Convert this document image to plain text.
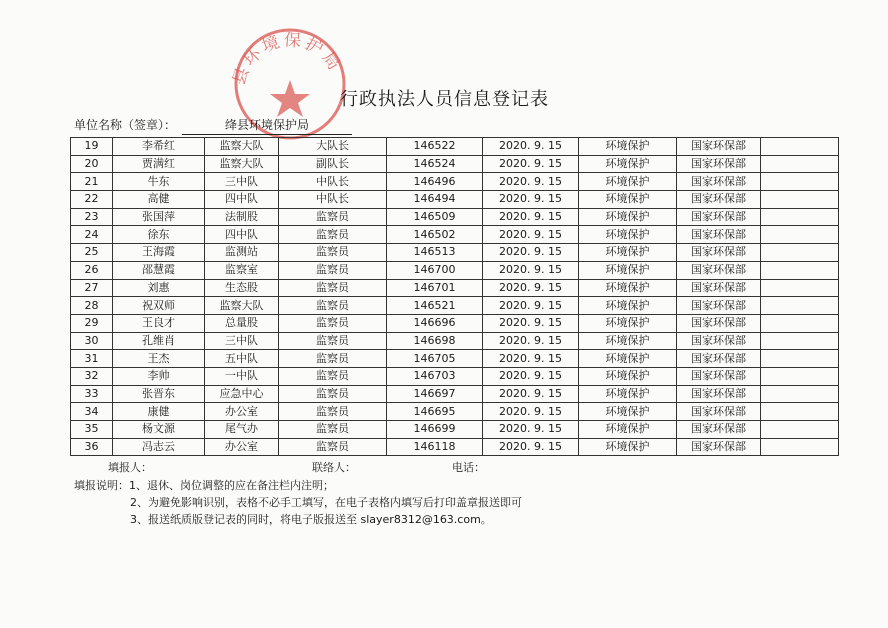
县环境保护局
行政执法人员信息登记表
单位名称（签章）：	绛县环境保护局
19	李希红	监察大队	大队长	146522	2020. 9. 15	环境保护	国家环保部	
20	贾满红	监察大队	副队长	146524	2020. 9. 15	环境保护	国家环保部	
21	牛东	三中队	中队长	146496	2020. 9. 15	环境保护	国家环保部	
22	高健	四中队	中队长	146494	2020. 9. 15	环境保护	国家环保部	
23	张国萍	法制股	监察员	146509	2020. 9. 15	环境保护	国家环保部	
24	徐东	四中队	监察员	146502	2020. 9. 15	环境保护	国家环保部	
25	王海霞	监测站	监察员	146513	2020. 9. 15	环境保护	国家环保部	
26	邵慧霞	监察室	监察员	146700	2020. 9. 15	环境保护	国家环保部	
27	刘惠	生态股	监察员	146701	2020. 9. 15	环境保护	国家环保部	
28	祝双师	监察大队	监察员	146521	2020. 9. 15	环境保护	国家环保部	
29	王良才	总量股	监察员	146696	2020. 9. 15	环境保护	国家环保部	
30	孔维肖	三中队	监察员	146698	2020. 9. 15	环境保护	国家环保部	
31	王杰	五中队	监察员	146705	2020. 9. 15	环境保护	国家环保部	
32	李帅	一中队	监察员	146703	2020. 9. 15	环境保护	国家环保部	
33	张晋东	应急中心	监察员	146697	2020. 9. 15	环境保护	国家环保部	
34	康健	办公室	监察员	146695	2020. 9. 15	环境保护	国家环保部	
35	杨文源	尾气办	监察员	146699	2020. 9. 15	环境保护	国家环保部	
36	冯志云	办公室	监察员	146118	2020. 9. 15	环境保护	国家环保部	
填报人：	联络人：	电话：
填报说明：1、退休、岗位调整的应在备注栏内注明；
2、为避免影响识别，表格不必手工填写，在电子表格内填写后打印盖章报送即可
3、报送纸质版登记表的同时，将电子版报送至 slayer8312@163.com。
